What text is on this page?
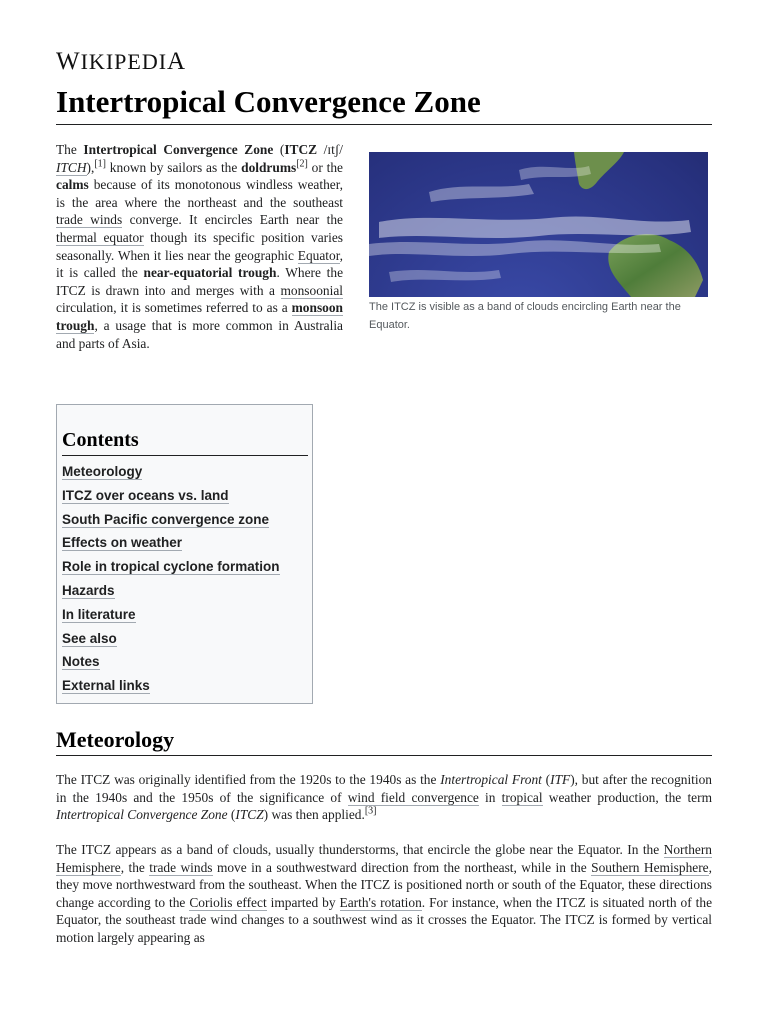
WIKIPEDIA
Intertropical Convergence Zone

The Intertropical Convergence Zone (ITCZ /ɪtʃ/ ITCH),[1] known by sailors as the doldrums[2] or the calms because of its monotonous windless weather, is the area where the northeast and the southeast trade winds converge. It encircles Earth near the thermal equator though its specific position varies seasonally. When it lies near the geographic Equator, it is called the near-equatorial trough. Where the ITCZ is drawn into and merges with a monsoonial circulation, it is sometimes referred to as a monsoon trough, a usage that is more common in Australia and parts of Asia.

The ITCZ is visible as a band of clouds encircling Earth near the Equator.
Contents
Meteorology
ITCZ over oceans vs. land
South Pacific convergence zone
Effects on weather
Role in tropical cyclone formation
Hazards
In literature
See also
Notes
External links
Meteorology

The ITCZ was originally identified from the 1920s to the 1940s as the Intertropical Front (ITF), but after the recognition in the 1940s and the 1950s of the significance of wind field convergence in tropical weather production, the term Intertropical Convergence Zone (ITCZ) was then applied.[3]

The ITCZ appears as a band of clouds, usually thunderstorms, that encircle the globe near the Equator. In the Northern Hemisphere, the trade winds move in a southwestward direction from the northeast, while in the Southern Hemisphere, they move northwestward from the southeast. When the ITCZ is positioned north or south of the Equator, these directions change according to the Coriolis effect imparted by Earth's rotation. For instance, when the ITCZ is situated north of the Equator, the southeast trade wind changes to a southwest wind as it crosses the Equator. The ITCZ is formed by vertical motion largely appearing as
